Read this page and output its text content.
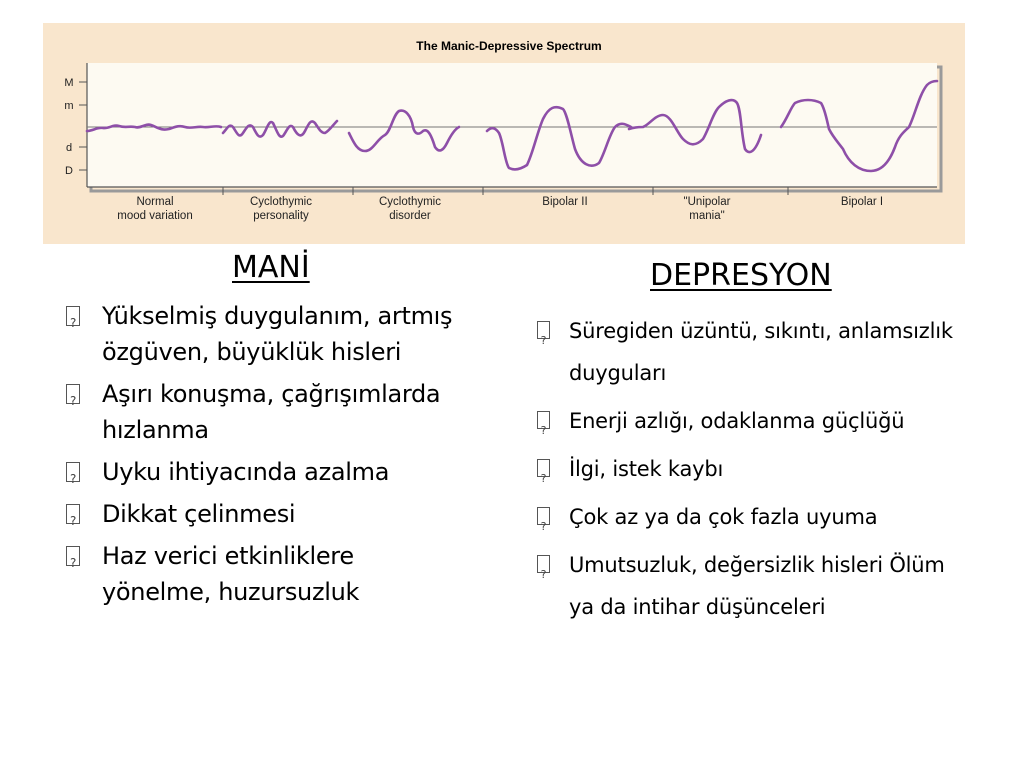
The Manic-Depressive Spectrum
M
m
d
D
Normal
mood variation
Cyclothymic
personality
Cyclothymic
disorder
Bipolar II	"Unipolar
mania"
Bipolar I
MANİ
?
Yükselmiş duygulanım, artmış özgüven, büyüklük hisleri
?
Aşırı konuşma, çağrışımlarda hızlanma
?
Uyku ihtiyacında azalma
?
Dikkat çelinmesi
?
Haz verici etkinliklere yönelme, huzursuzluk
DEPRESYON
?
Süregiden üzüntü, sıkıntı, anlamsızlık duyguları
?
Enerji azlığı, odaklanma güçlüğü
?
İlgi, istek kaybı
?
Çok az ya da çok fazla uyuma
?
Umutsuzluk, değersizlik hisleri Ölüm ya da intihar düşünceleri
